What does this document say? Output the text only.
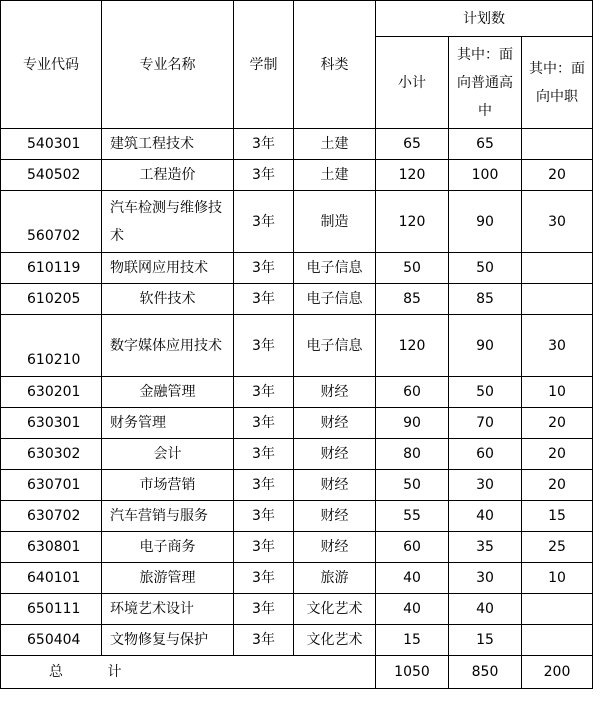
专业代码	专业名称	学制	科类	计划数		
				小计	其中：面向普通高中	其中：面向中职

540301	建筑工程技术	3年	土建	65	65	
540502	工程造价	3年	土建	120	100	20
560702	汽车检测与维修技术	3年	制造	120	90	30
610119	物联网应用技术	3年	电子信息	50	50	
610205	软件技术	3年	电子信息	85	85	
610210	数字媒体应用技术	3年	电子信息	120	90	30
630201	金融管理	3年	财经	60	50	10
630301	财务管理	3年	财经	90	70	20
630302	会计	3年	财经	80	60	20
630701	市场营销	3年	财经	50	30	20
630702	汽车营销与服务	3年	财经	55	40	15
630801	电子商务	3年	财经	60	35	25
640101	旅游管理	3年	旅游	40	30	10
650111	环境艺术设计	3年	文化艺术	40	40	
650404	文物修复与保护	3年	文化艺术	15	15	
总 计				1050	850	200
